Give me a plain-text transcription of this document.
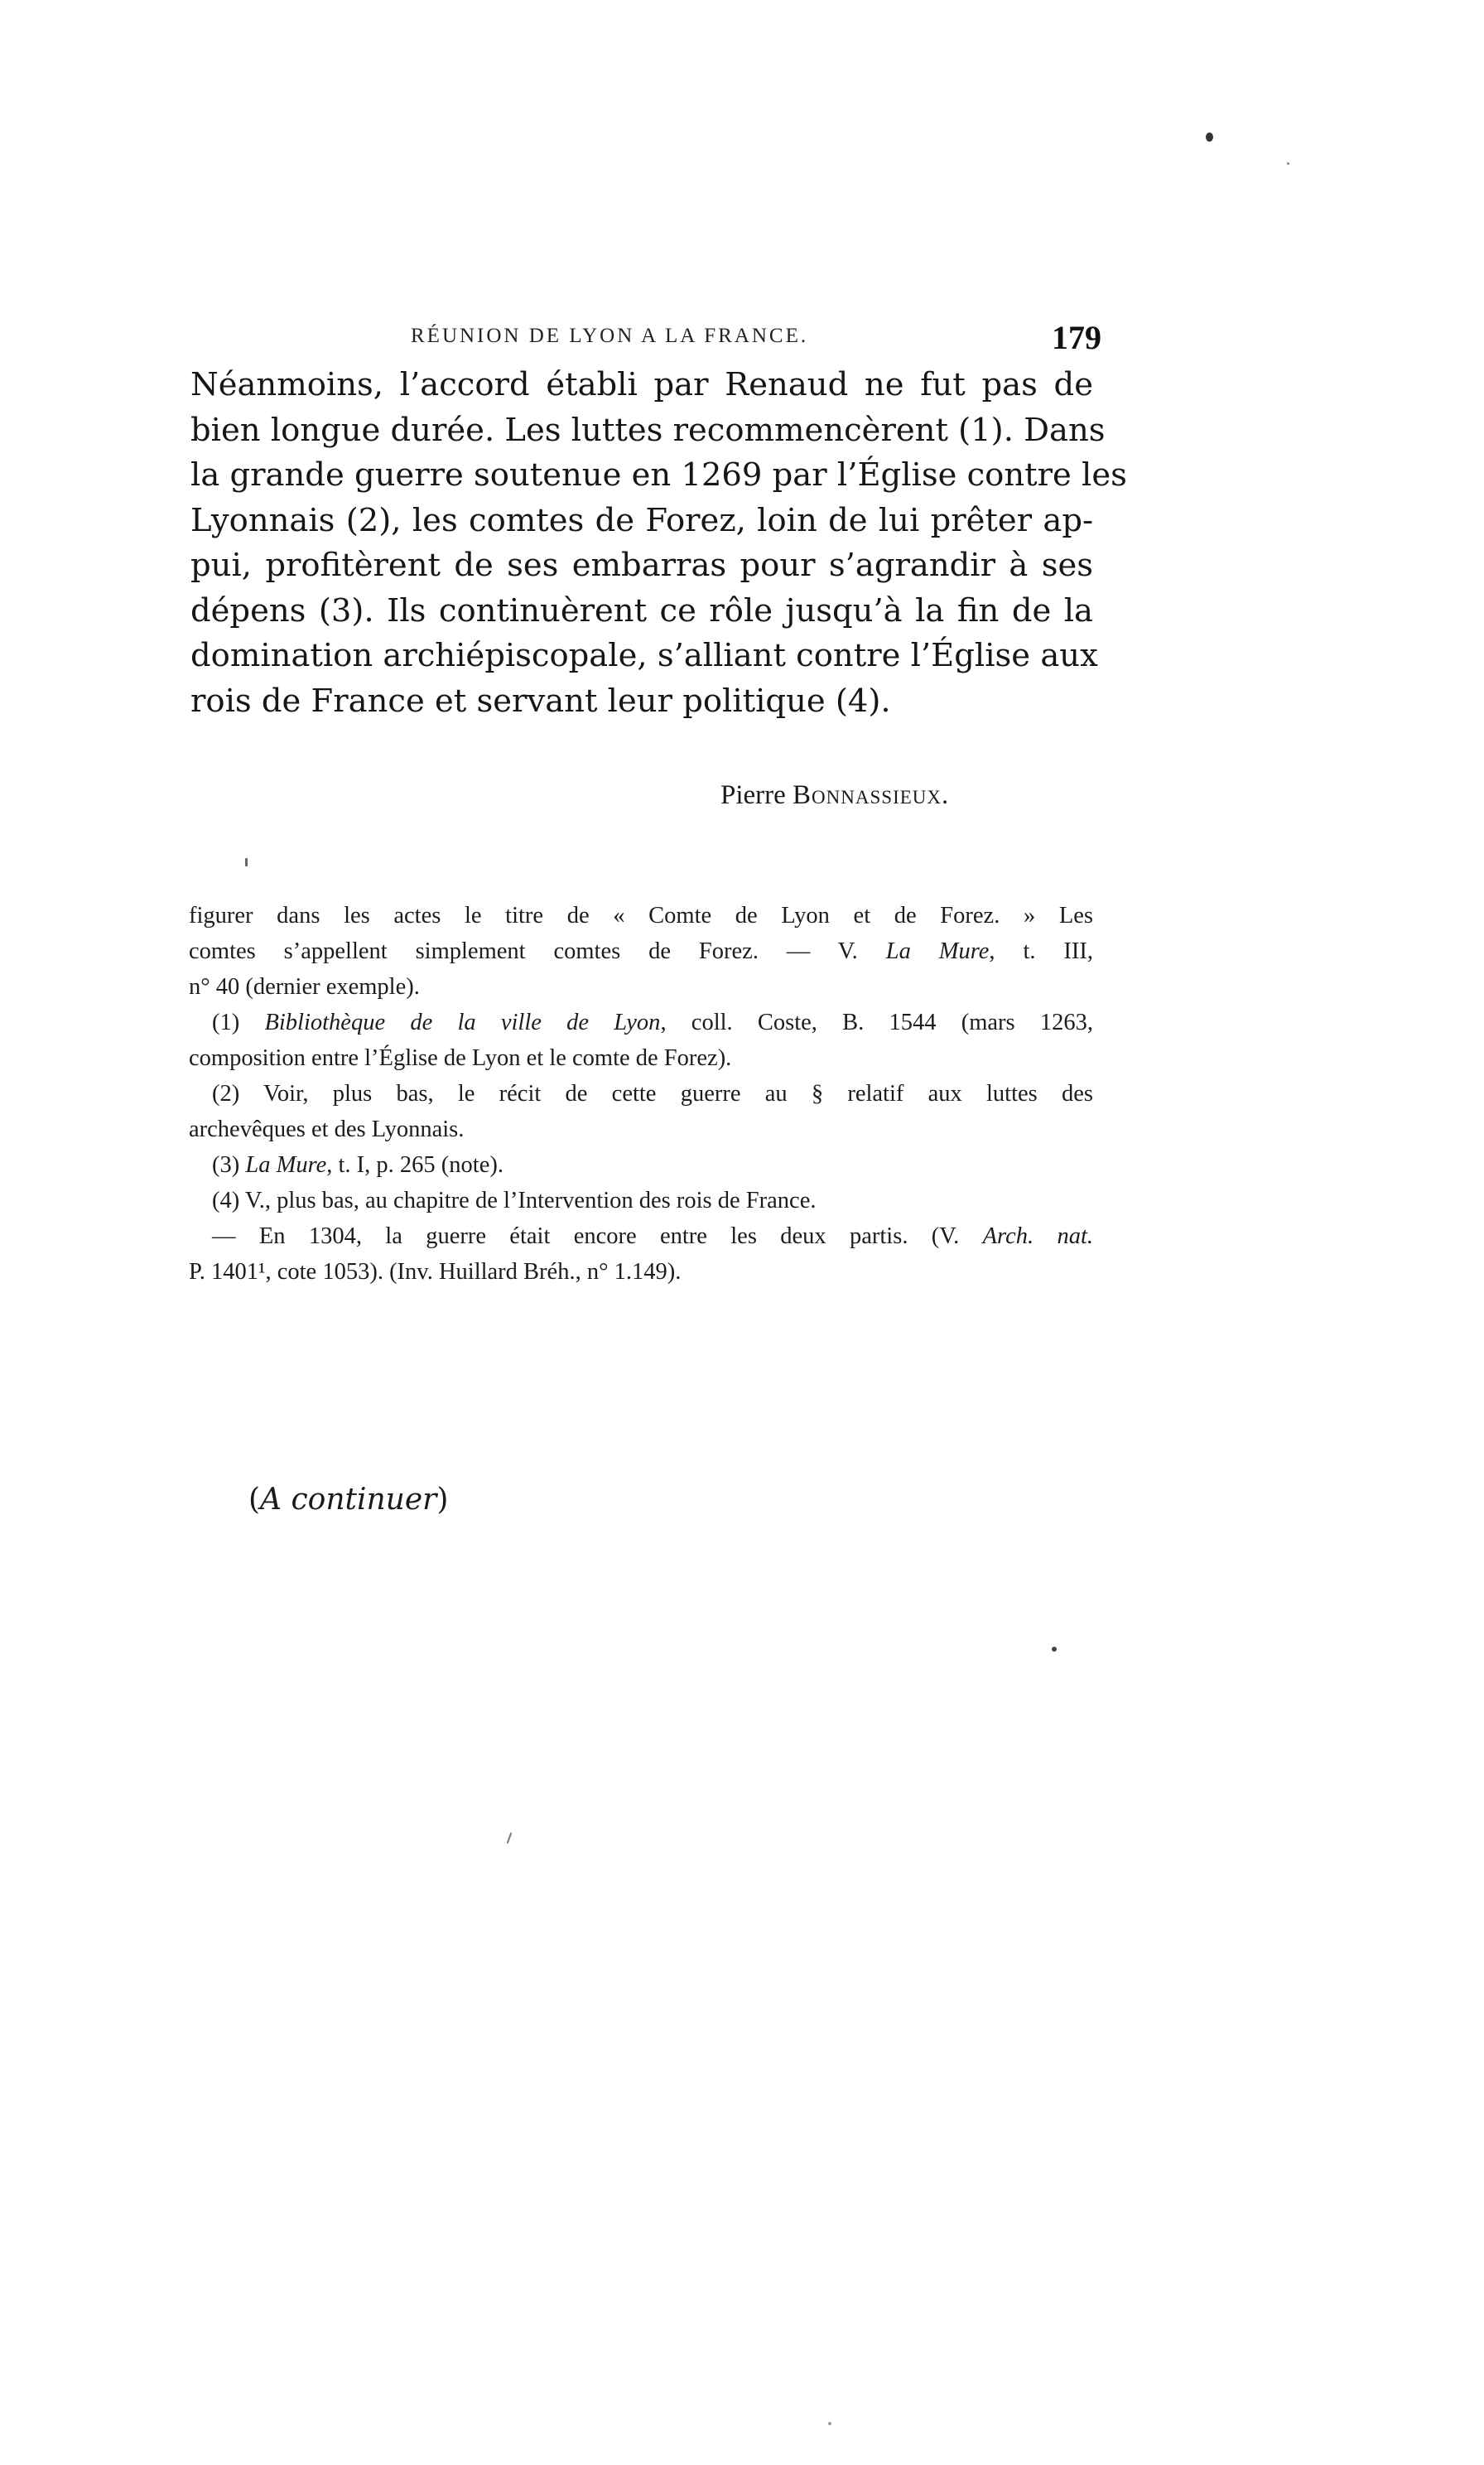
RÉUNION DE LYON A LA FRANCE.	179
Néanmoins, l’accord établi par Renaud ne fut pas de
bien longue durée. Les luttes recommencèrent (1). Dans
la grande guerre soutenue en 1269 par l’Église contre les
Lyonnais (2), les comtes de Forez, loin de lui prêter ap-
pui, profitèrent de ses embarras pour s’agrandir à ses
dépens (3). Ils continuèrent ce rôle jusqu’à la fin de la
domination archiépiscopale, s’alliant contre l’Église aux
rois de France et servant leur politique (4).
Pierre Bonnassieux.
figurer dans les actes le titre de « Comte de Lyon et de Forez. » Les
comtes s’appellent simplement comtes de Forez. — V. La Mure, t. III,
n° 40 (dernier exemple).
(1) Bibliothèque de la ville de Lyon, coll. Coste, B. 1544 (mars 1263,
composition entre l’Église de Lyon et le comte de Forez).
(2) Voir, plus bas, le récit de cette guerre au § relatif aux luttes des
archevêques et des Lyonnais.
(3) La Mure, t. I, p. 265 (note).
(4) V., plus bas, au chapitre de l’Intervention des rois de France.
— En 1304, la guerre était encore entre les deux partis. (V. Arch. nat.
P. 1401¹, cote 1053). (Inv. Huillard Bréh., n° 1.149).
(A continuer)
